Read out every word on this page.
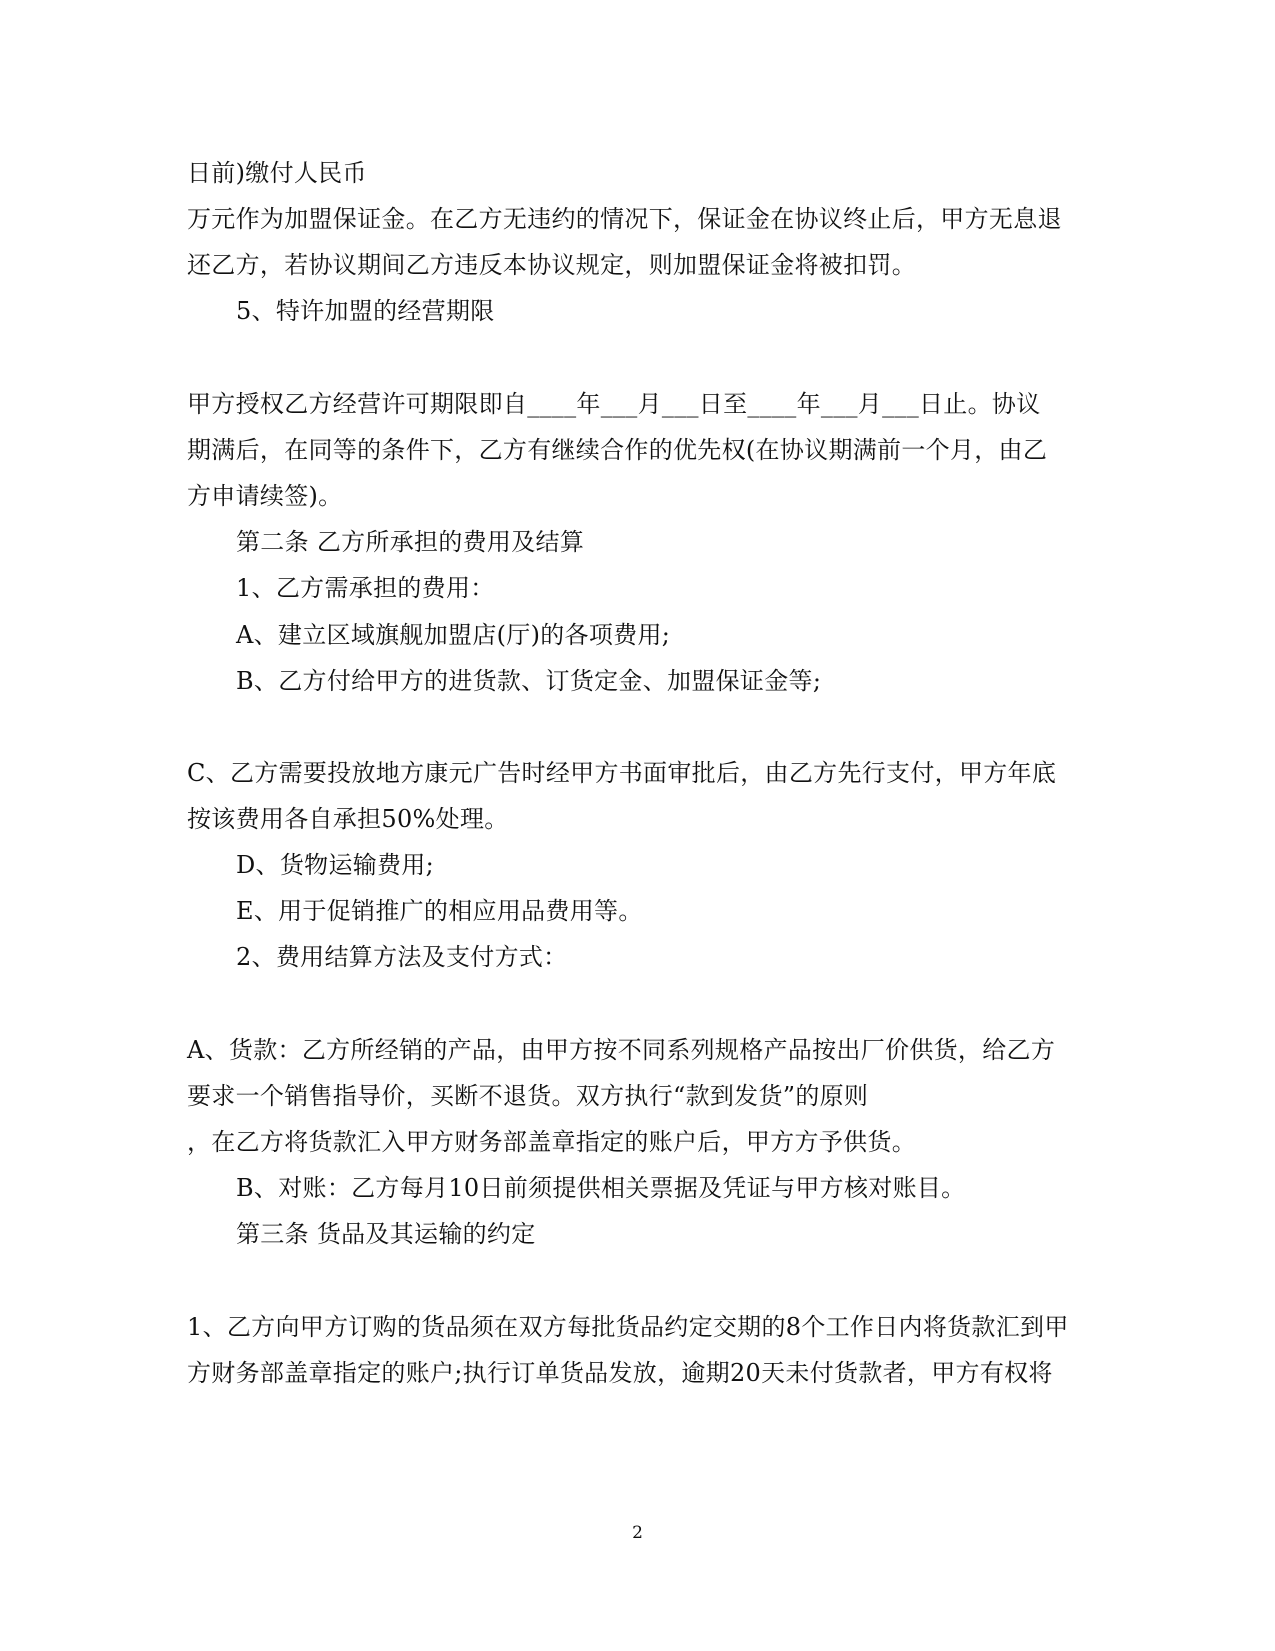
日前)缴付人民币
万元作为加盟保证金。在乙方无违约的情况下，保证金在协议终止后，甲方无息退
还乙方，若协议期间乙方违反本协议规定，则加盟保证金将被扣罚。
5、特许加盟的经营期限
甲方授权乙方经营许可期限即自____年___月___日至____年___月___日止。协议
期满后，在同等的条件下，乙方有继续合作的优先权(在协议期满前一个月，由乙
方申请续签)。
第二条 乙方所承担的费用及结算
1、乙方需承担的费用：
A、建立区域旗舰加盟店(厅)的各项费用;
B、乙方付给甲方的进货款、订货定金、加盟保证金等;
C、乙方需要投放地方康元广告时经甲方书面审批后，由乙方先行支付，甲方年底
按该费用各自承担50%处理。
D、货物运输费用;
E、用于促销推广的相应用品费用等。
2、费用结算方法及支付方式：
A、货款：乙方所经销的产品，由甲方按不同系列规格产品按出厂价供货，给乙方
要求一个销售指导价，买断不退货。双方执行“款到发货”的原则
，在乙方将货款汇入甲方财务部盖章指定的账户后，甲方方予供货。
B、对账：乙方每月10日前须提供相关票据及凭证与甲方核对账目。
第三条 货品及其运输的约定
1、乙方向甲方订购的货品须在双方每批货品约定交期的8个工作日内将货款汇到甲
方财务部盖章指定的账户;执行订单货品发放，逾期20天未付货款者，甲方有权将
2
